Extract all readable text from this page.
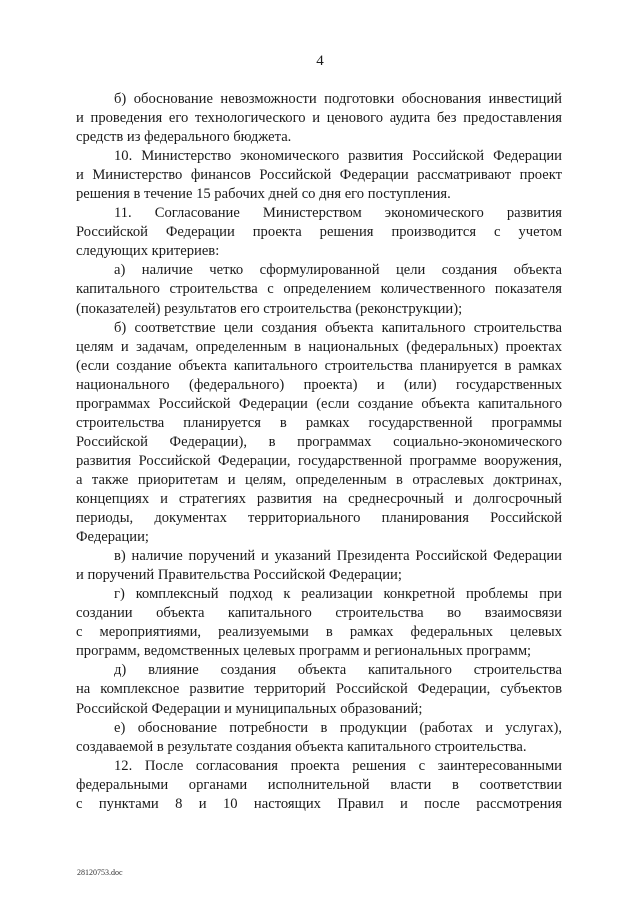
4
б) обоснование невозможности подготовки обоснования инвестиций
и проведения его технологического и ценового аудита без предоставления
средств из федерального бюджета.
10. Министерство экономического развития Российской Федерации
и Министерство финансов Российской Федерации рассматривают проект
решения в течение 15 рабочих дней со дня его поступления.
11. Согласование Министерством экономического развития
Российской Федерации проекта решения производится с учетом
следующих критериев:
а) наличие четко сформулированной цели создания объекта
капитального строительства с определением количественного показателя
(показателей) результатов его строительства (реконструкции);
б) соответствие цели создания объекта капитального строительства
целям и задачам, определенным в национальных (федеральных) проектах
(если создание объекта капитального строительства планируется в рамках
национального (федерального) проекта) и (или) государственных
программах Российской Федерации (если создание объекта капитального
строительства планируется в рамках государственной программы
Российской Федерации), в программах социально-экономического
развития Российской Федерации, государственной программе вооружения,
а также приоритетам и целям, определенным в отраслевых доктринах,
концепциях и стратегиях развития на среднесрочный и долгосрочный
периоды, документах территориального планирования Российской
Федерации;
в) наличие поручений и указаний Президента Российской Федерации
и поручений Правительства Российской Федерации;
г) комплексный подход к реализации конкретной проблемы при
создании объекта капитального строительства во взаимосвязи
с мероприятиями, реализуемыми в рамках федеральных целевых
программ, ведомственных целевых программ и региональных программ;
д) влияние создания объекта капитального строительства
на комплексное развитие территорий Российской Федерации, субъектов
Российской Федерации и муниципальных образований;
е) обоснование потребности в продукции (работах и услугах),
создаваемой в результате создания объекта капитального строительства.
12. После согласования проекта решения с заинтересованными
федеральными органами исполнительной власти в соответствии
с пунктами 8 и 10 настоящих Правил и после рассмотрения
28120753.doc
